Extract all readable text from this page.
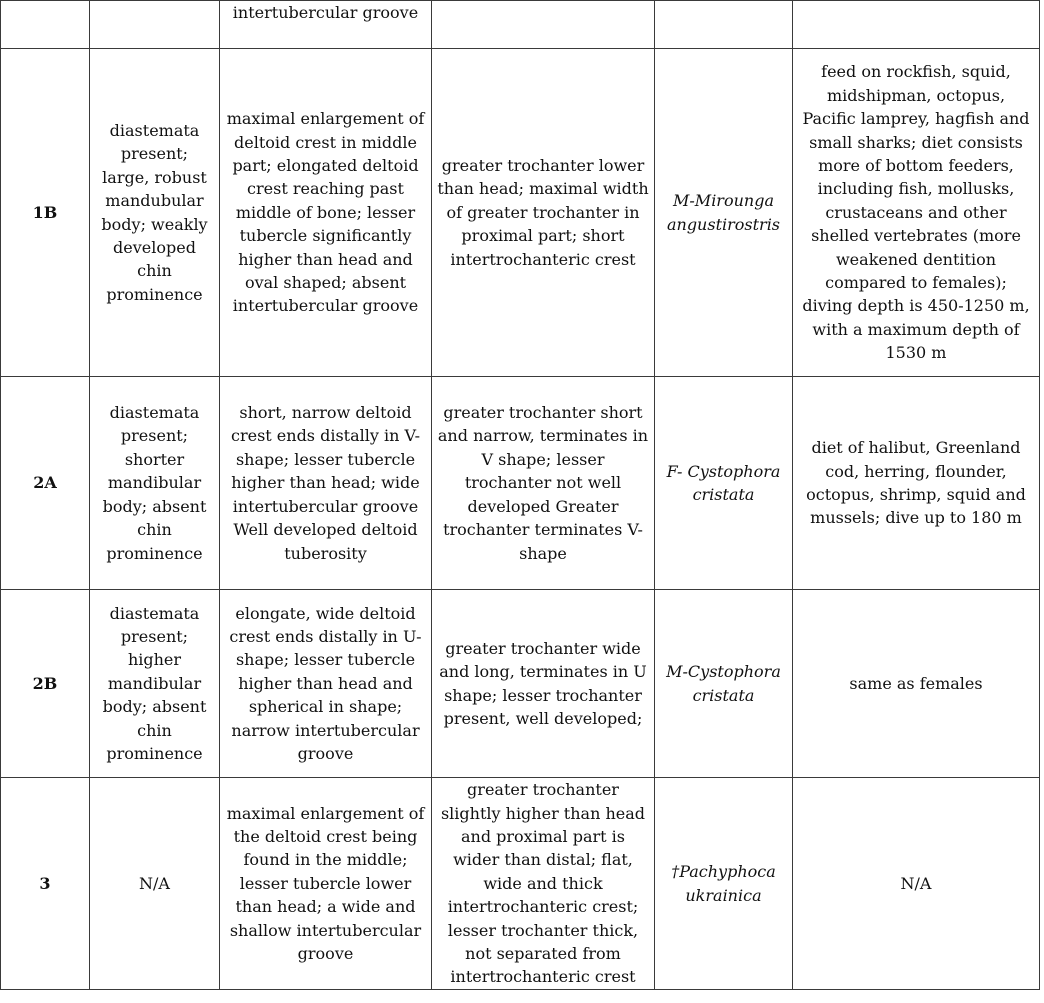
		intertubercular groove			
1B	diastemata present; large, robust mandubular body; weakly developed chin prominence	maximal enlargement of deltoid crest in middle part; elongated deltoid crest reaching past middle of bone; lesser tubercle significantly higher than head and oval shaped; absent intertubercular groove	greater trochanter lower than head; maximal width of greater trochanter in proximal part; short intertrochanteric crest	M-Mirounga angustirostris	feed on rockfish, squid, midshipman, octopus, Pacific lamprey, hagfish and small sharks; diet consists more of bottom feeders, including fish, mollusks, crustaceans and other shelled vertebrates (more weakened dentition compared to females); diving depth is 450-1250 m, with a maximum depth of 1530 m
2A	diastemata present; shorter mandibular body; absent chin prominence	short, narrow deltoid crest ends distally in V-shape; lesser tubercle higher than head; wide intertubercular groove Well developed deltoid tuberosity	greater trochanter short and narrow, terminates in V shape; lesser trochanter not well developed Greater trochanter terminates V-shape	F- Cystophora cristata	diet of halibut, Greenland cod, herring, flounder, octopus, shrimp, squid and mussels; dive up to 180 m
2B	diastemata present; higher mandibular body; absent chin prominence	elongate, wide deltoid crest ends distally in U-shape; lesser tubercle higher than head and spherical in shape; narrow intertubercular groove	greater trochanter wide and long, terminates in U shape; lesser trochanter present, well developed;	M-Cystophora cristata	same as females
3	N/A	maximal enlargement of the deltoid crest being found in the middle; lesser tubercle lower than head; a wide and shallow intertubercular groove	greater trochanter slightly higher than head and proximal part is wider than distal; flat, wide and thick intertrochanteric crest; lesser trochanter thick, not separated from intertrochanteric crest	†Pachyphoca ukrainica	N/A
